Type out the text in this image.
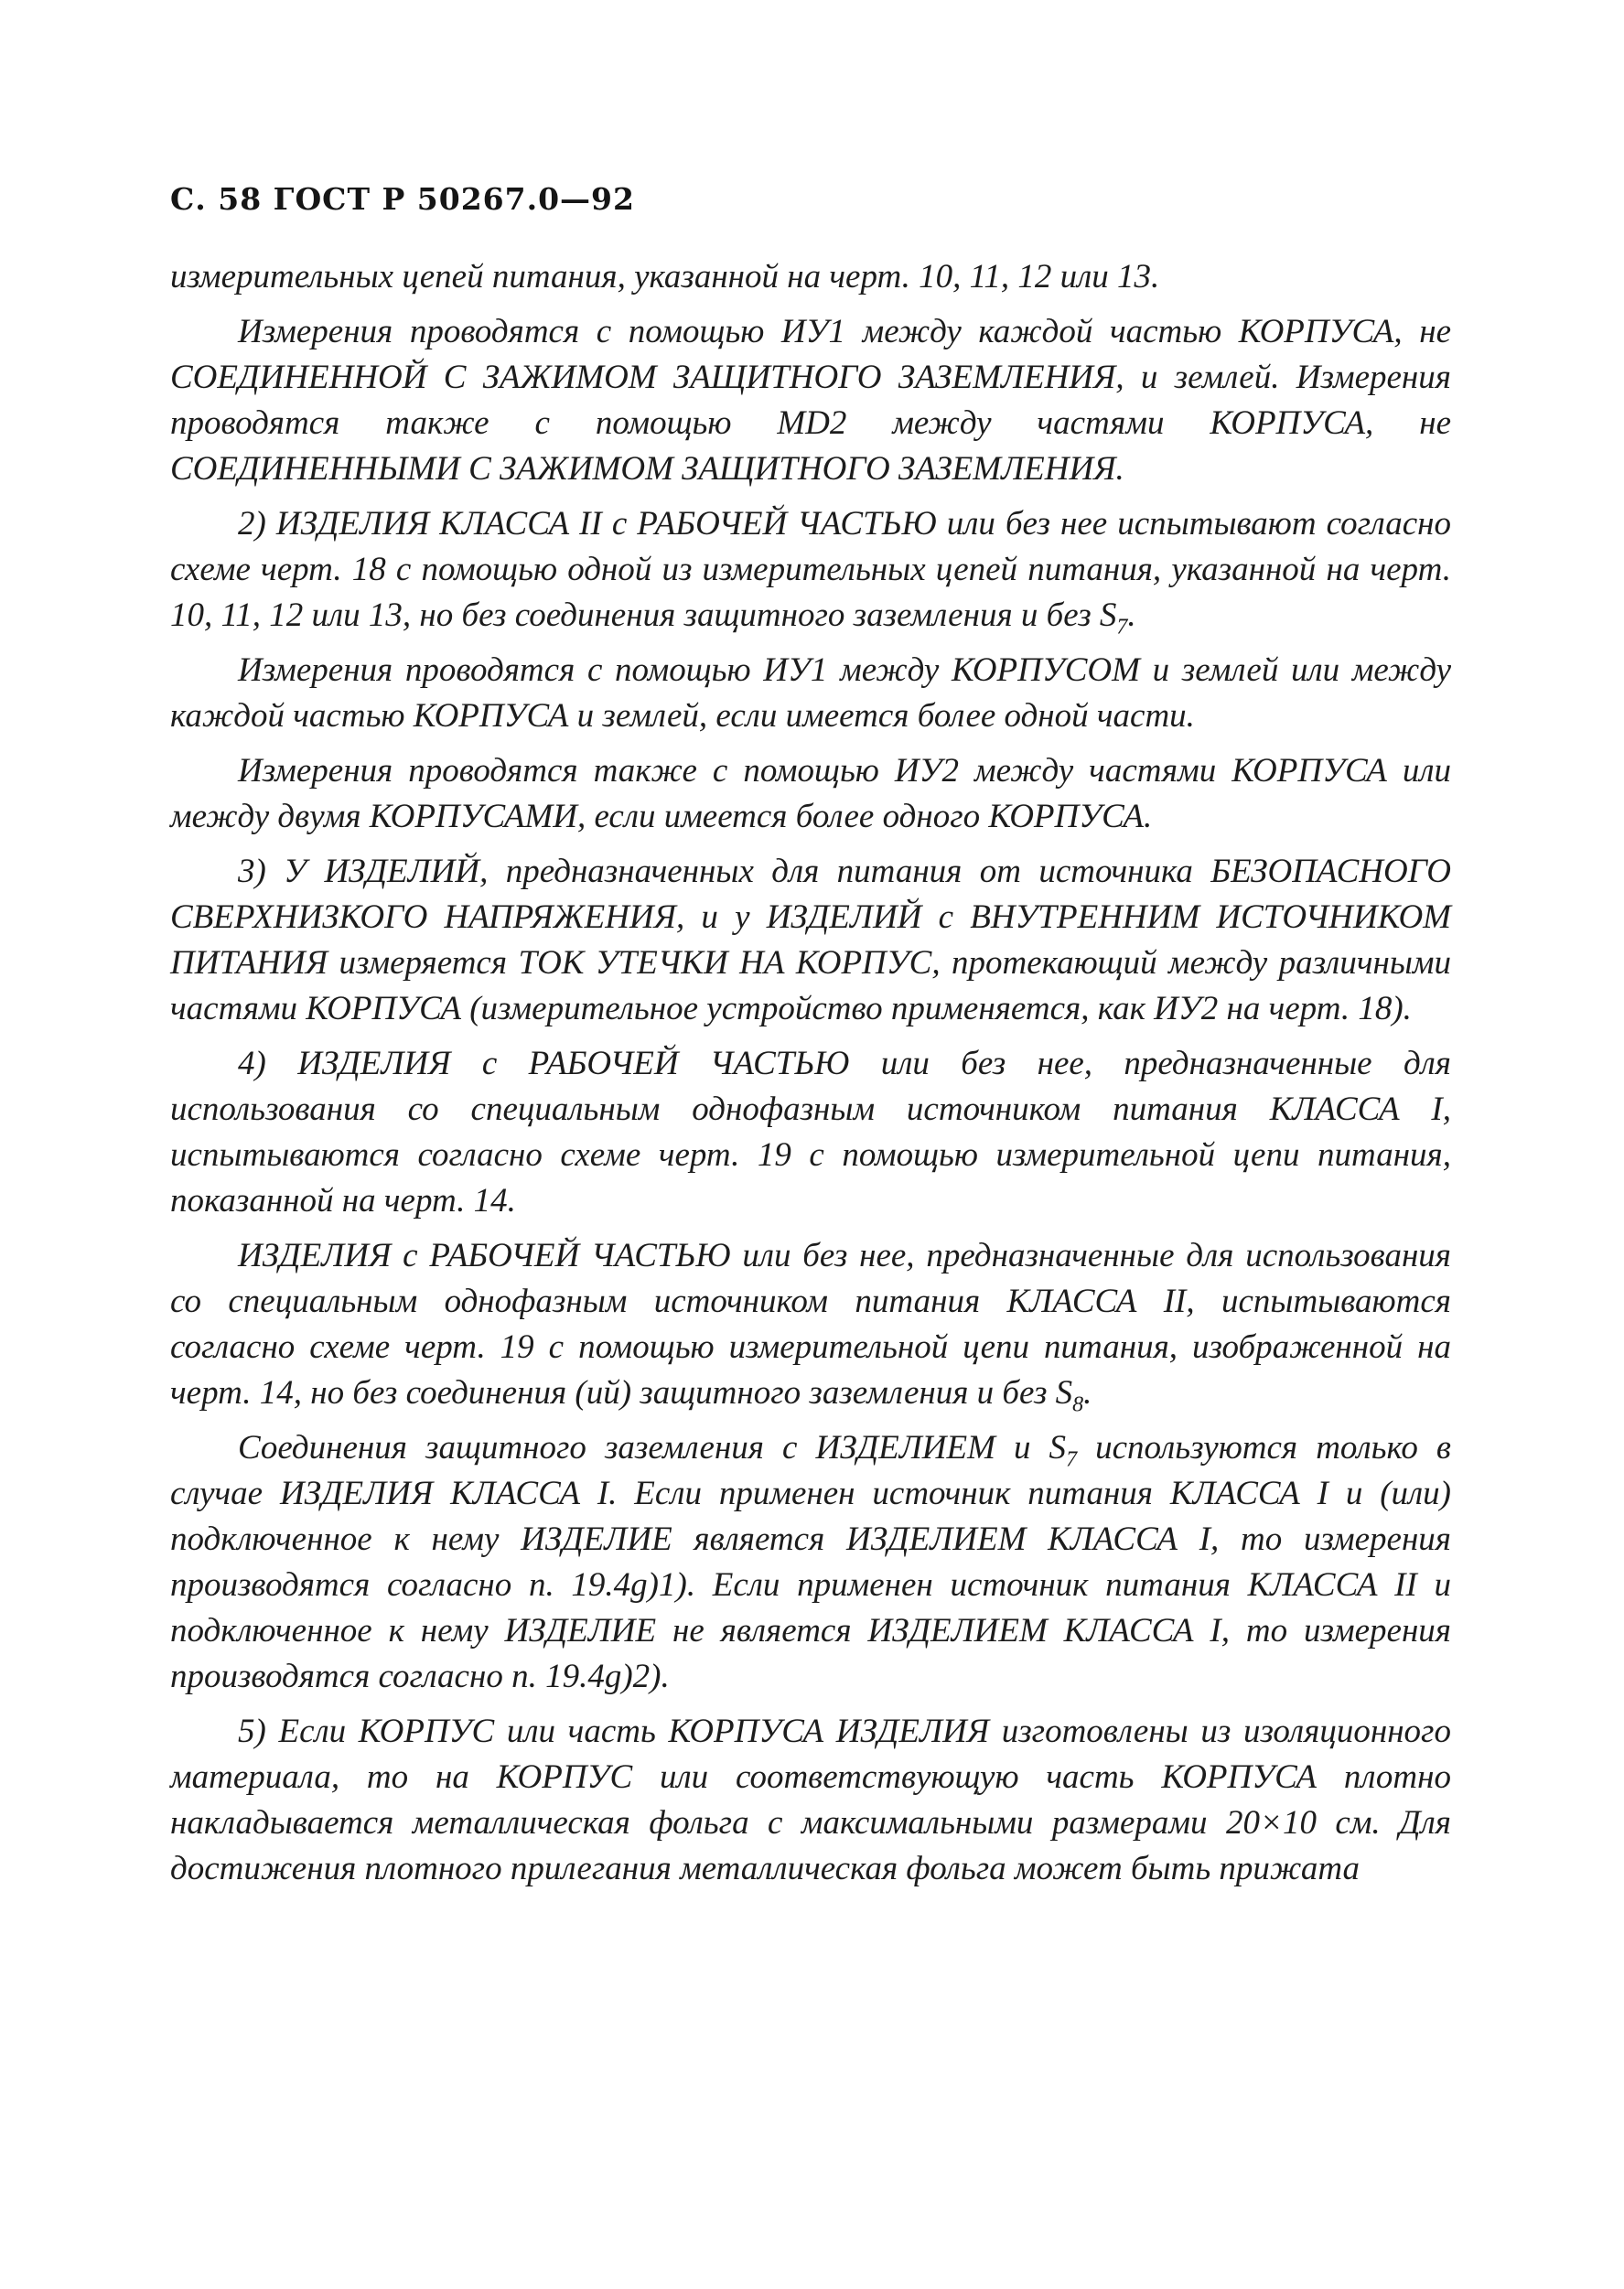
С. 58 ГОСТ Р 50267.0—92

измерительных цепей питания, указанной на черт. 10, 11, 12 или 13.

Измерения проводятся с помощью ИУ1 между каждой частью КОРПУСА, не СОЕДИНЕННОЙ С ЗАЖИМОМ ЗАЩИТНОГО ЗАЗЕМЛЕНИЯ, и землей. Измерения проводятся также с помощью MD2 между частями КОРПУСА, не СОЕДИНЕННЫМИ С ЗАЖИМОМ ЗАЩИТНОГО ЗАЗЕМЛЕНИЯ.

2) ИЗДЕЛИЯ КЛАССА II с РАБОЧЕЙ ЧАСТЬЮ или без нее испытывают согласно схеме черт. 18 с помощью одной из измерительных цепей питания, указанной на черт. 10, 11, 12 или 13, но без соединения защитного заземления и без $S_7$.

Измерения проводятся с помощью ИУ1 между КОРПУСОМ и землей или между каждой частью КОРПУСА и землей, если имеется более одной части.

Измерения проводятся также с помощью ИУ2 между частями КОРПУСА или между двумя КОРПУСАМИ, если имеется более одного КОРПУСА.

3) У ИЗДЕЛИЙ, предназначенных для питания от источника БЕЗОПАСНОГО СВЕРХНИЗКОГО НАПРЯЖЕНИЯ, и у ИЗДЕЛИЙ с ВНУТРЕННИМ ИСТОЧНИКОМ ПИТАНИЯ измеряется ТОК УТЕЧКИ НА КОРПУС, протекающий между различными частями КОРПУСА (измерительное устройство применяется, как ИУ2 на черт. 18).

4) ИЗДЕЛИЯ с РАБОЧЕЙ ЧАСТЬЮ или без нее, предназначенные для использования со специальным однофазным источником питания КЛАССА I, испытываются согласно схеме черт. 19 с помощью измерительной цепи питания, показанной на черт. 14.

ИЗДЕЛИЯ с РАБОЧЕЙ ЧАСТЬЮ или без нее, предназначенные для использования со специальным однофазным источником питания КЛАССА II, испытываются согласно схеме черт. 19 с помощью измерительной цепи питания, изображенной на черт. 14, но без соединения (ий) защитного заземления и без $S_8$.

Соединения защитного заземления с ИЗДЕЛИЕМ и $S_7$ используются только в случае ИЗДЕЛИЯ КЛАССА I. Если применен источник питания КЛАССА I и (или) подключенное к нему ИЗДЕЛИЕ является ИЗДЕЛИЕМ КЛАССА I, то измерения производятся согласно п. 19.4g)1). Если применен источник питания КЛАССА II и подключенное к нему ИЗДЕЛИЕ не является ИЗДЕЛИЕМ КЛАССА I, то измерения производятся согласно п. 19.4g)2).

5) Если КОРПУС или часть КОРПУСА ИЗДЕЛИЯ изготовлены из изоляционного материала, то на КОРПУС или соответствующую часть КОРПУСА плотно накладывается металлическая фольга с максимальными размерами 20×10 см. Для достижения плотного прилегания металлическая фольга может быть прижата
